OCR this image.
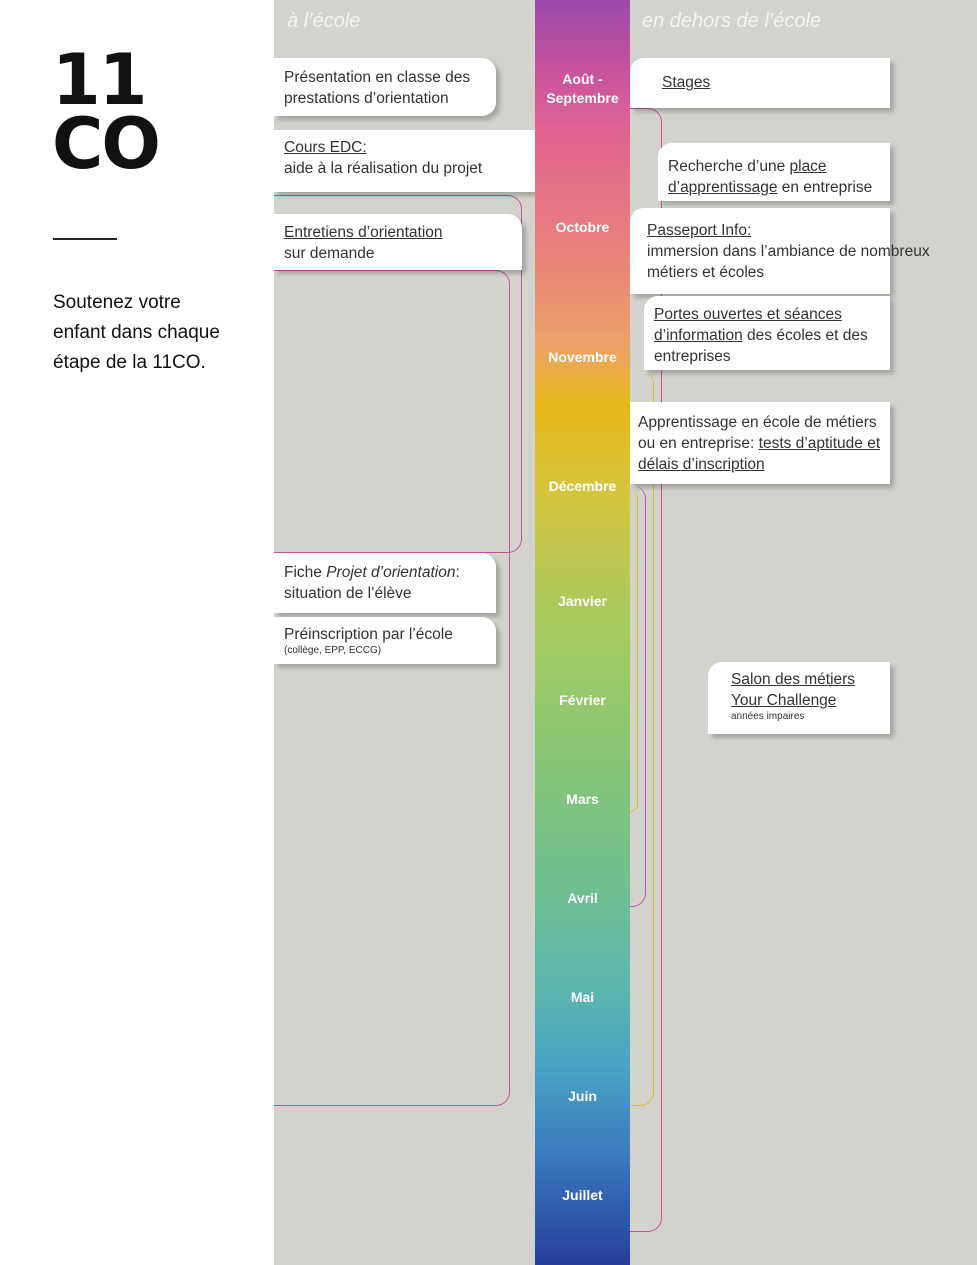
11
CO
Soutenez votre enfant dans chaque étape de la 11CO.
à l’école	en dehors de l’école
Présentation en classe des prestations d’orientation
Cours EDC:
aide à la réalisation du projet
Entretiens d’orientation
sur demande
Fiche Projet d’orientation:
situation de l’élève
Préinscription par l’école
(collège, EPP, ECCG)
Stages
Recherche d’une place d’apprentissage en entreprise
Passeport Info:
immersion dans l’ambiance de nombreux métiers et écoles
Portes ouvertes et séances d’information des écoles et des entreprises
Apprentissage en école de métiers ou en entreprise: tests d’aptitude et délais d’inscription
Salon des métiers
Your Challenge
années impaires
Août - Septembre
Octobre
Novembre
Décembre
Janvier
Février
Mars
Avril
Mai
Juin
Juillet
